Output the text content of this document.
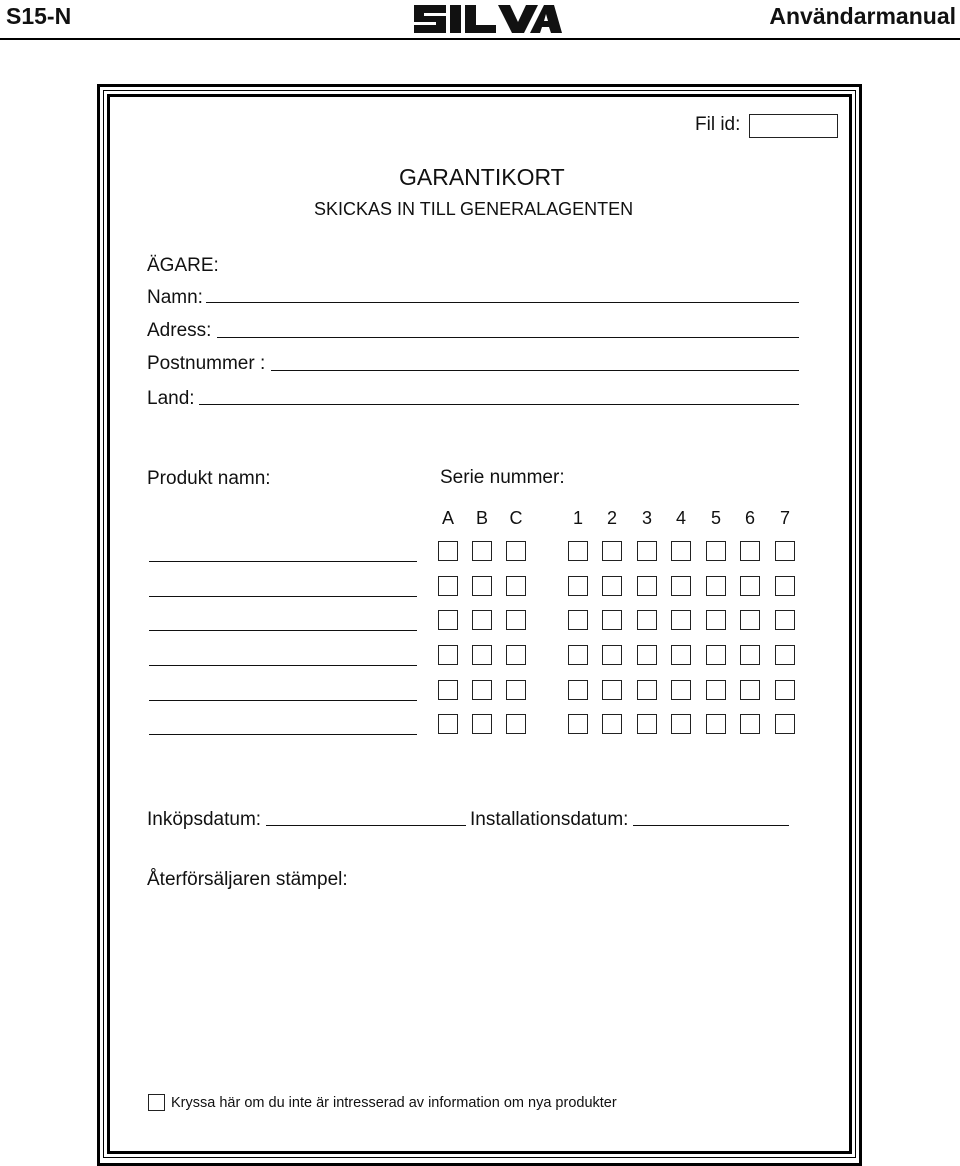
S15-N	Användarmanual
Fil id:
GARANTIKORT
SKICKAS IN TILL GENERALAGENTEN
ÄGARE:
Namn:
Adress:
Postnummer :
Land:
Produkt namn:	Serie nummer:
A B C	1 2 3 4 5 6 7
Inköpsdatum:	Installationsdatum:
Återförsäljaren stämpel:
Kryssa här om du inte är intresserad av information om nya produkter
